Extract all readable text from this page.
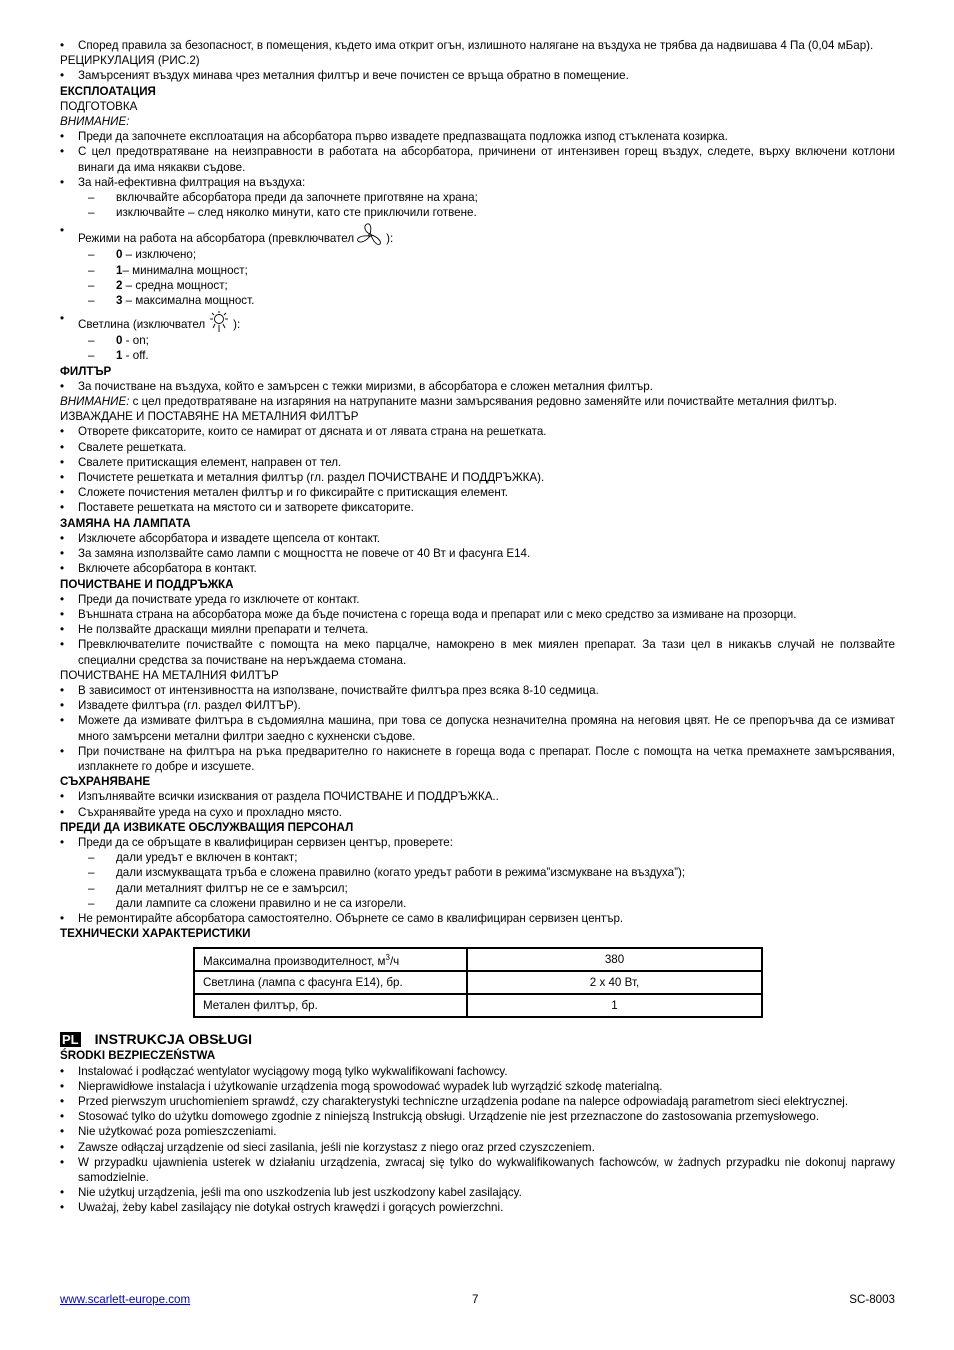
• Според правила за безопасност, в помещения, където има открит огън, излишното налягане на въздуха не трябва да надвишава 4 Па (0,04 мБар).

РЕЦИРКУЛАЦИЯ (РИС.2)

• Замърсеният въздух минава чрез металния филтър и вече почистен се връща обратно в помещение.

ЕКСПЛОАТАЦИЯ

ПОДГОТОВКА

ВНИМАНИЕ:

• Преди да започнете експлоатация на абсорбатора първо извадете предпазващата подложка изпод стъклената козирка.

• С цел предотвратяване на неизправности в работата на абсорбатора, причинени от интензивен горещ въздух, следете, върху включени котлони винаги да има някакви съдове.

• За най-ефективна филтрация на въздуха:

– включвайте абсорбатора преди да започнете приготвяне на храна;

– изключвайте – след няколко минути, като сте приключили готвене.

• Режими на работа на абсорбатора (превключвател	):

– 0 – изключено;

– 1– минимална мощност;

– 2 – средна мощност;

– 3 – максимална мощност.

• Светлина (изключвател ):

– 0 - on;

– 1 - off.

ФИЛТЪР

• За почистване на въздуха, който е замърсен с тежки миризми, в абсорбатора е сложен металния филтър.

ВНИМАНИЕ: с цел предотвратяване на изгаряния на натрупаните мазни замърсявания редовно заменяйте или почиствайте металния филтър.

ИЗВАЖДАНЕ И ПОСТАВЯНЕ НА МЕТАЛНИЯ ФИЛТЪР

• Отворете фиксаторите, които се намират от дясната и от лявата страна на решетката.

• Свалете решетката.

• Свалете притискащия елемент, направен от тел.

• Почистете решетката и металния филтър (гл. раздел ПОЧИСТВАНЕ И ПОДДРЪЖКА).

• Сложете почистения метален филтър и го фиксирайте с притискащия елемент.

• Поставете решетката на мястото си и затворете фиксаторите.

ЗАМЯНА НА ЛАМПАТА

• Изключете абсорбатора и извадете щепсела от контакт.

• За замяна използвайте само лампи с мощността не повече от 40 Вт и фасунга Е14.

• Включете абсорбатора в контакт.

ПОЧИСТВАНЕ И ПОДДРЪЖКА

• Преди да почиствате уреда го изключете от контакт.

• Външната страна на абсорбатора може да бъде почистена с гореща вода и препарат или с меко средство за измиване на прозорци.

• Не ползвайте драскащи миялни препарати и телчета.

• Превключвателите почиствайте с помощта на меко парцалче, намокрено в мек миялен препарат. За тази цел в никакъв случай не ползвайте специални средства за почистване на неръждаема стомана.

ПОЧИСТВАНЕ НА МЕТАЛНИЯ ФИЛТЪР

• В зависимост от интензивността на използване, почиствайте филтъра през всяка 8-10 седмица.

• Извадете филтъра (гл. раздел ФИЛТЪР).

• Можете да измивате филтъра в съдомиялна машина, при това се допуска незначителна промяна на неговия цвят. Не се препоръчва да се измиват много замърсени метални филтри заедно с кухненски съдове.

• При почистване на филтъра на ръка предварително го накиснете в гореща вода с препарат. После с помощта на четка премахнете замърсявания, изплакнете го добре и изсушете.

СЪХРАНЯВАНЕ

• Изпълнявайте всички изисквания от раздела ПОЧИСТВАНЕ И ПОДДРЪЖКА..

• Съхранявайте уреда на сухо и прохладно място.

ПРЕДИ ДА ИЗВИКАТЕ ОБСЛУЖВАЩИЯ ПЕРСОНАЛ

• Преди да се обръщате в квалифициран сервизен център, проверете:

– дали уредът е включен в контакт;

– дали изсмукващата тръба е сложена правилно (когато уредът работи в режима”изсмукване на въздуха”);

– дали металният филтър не се е замърсил;

– дали лампите са сложени правилно и не са изгорели.

• Не ремонтирайте абсорбатора самостоятелно. Обърнете се само в квалифициран сервизен център.

ТЕХНИЧЕСКИ ХАРАКТЕРИСТИКИ

Максимална производителност, $м^3/ч$	380
Светлина (лампа с фасунга Е14), бр.	2 х 40 Вт,
Метален филтър, бр.	1
PL INSTRUKCJA OBSŁUGI

ŚRODKI BEZPIECZEŃSTWA

• Instalować i podłączać wentylator wyciągowy mogą tylko wykwalifikowani fachowcy.

• Nieprawidłowe instalacja i użytkowanie urządzenia mogą spowodować wypadek lub wyrządzić szkodę materialną.

• Przed pierwszym uruchomieniem sprawdź, czy charakterystyki techniczne urządzenia podane na nalepce odpowiadają parametrom sieci elektrycznej.

• Stosować tylko do użytku domowego zgodnie z niniejszą Instrukcją obsługi. Urządzenie nie jest przeznaczone do zastosowania przemysłowego.

• Nie użytkować poza pomieszczeniami.

• Zawsze odłączaj urządzenie od sieci zasilania, jeśli nie korzystasz z niego oraz przed czyszczeniem.

• W przypadku ujawnienia usterek w działaniu urządzenia, zwracaj się tylko do wykwalifikowanych fachowców, w żadnych przypadku nie dokonuj naprawy samodzielnie.

• Nie użytkuj urządzenia, jeśli ma ono uszkodzenia lub jest uszkodzony kabel zasilający.

• Uważaj, żeby kabel zasilający nie dotykał ostrych krawędzi i gorących powierzchni.

www.scarlett-europe.com	7	SC-8003
